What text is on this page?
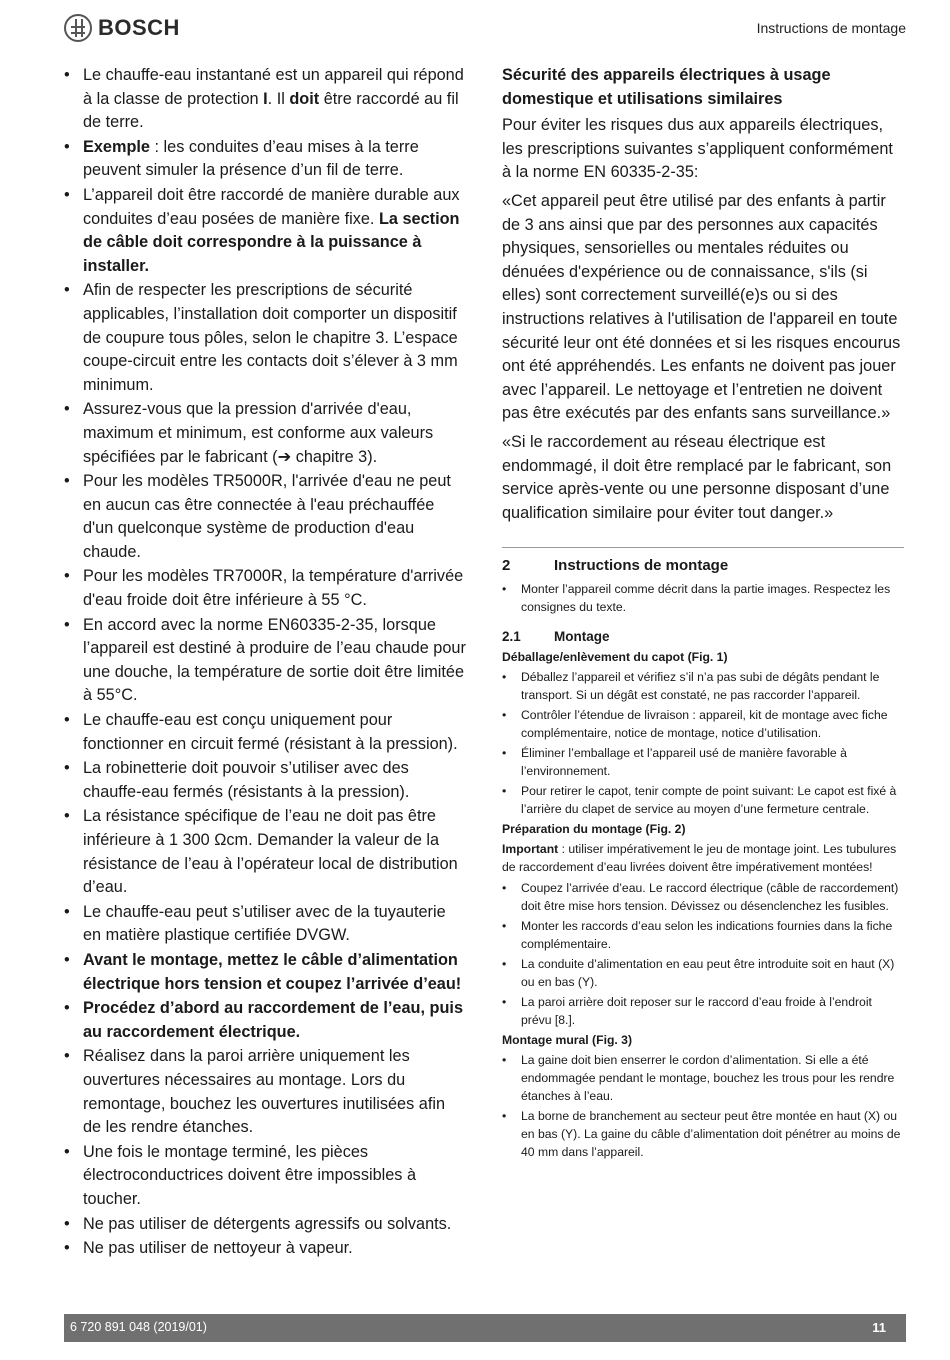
BOSCH	Instructions de montage
• Le chauffe-eau instantané est un appareil qui répond à la classe de protection I. Il doit être raccordé au fil de terre.
• Exemple : les conduites d’eau mises à la terre peuvent simuler la présence d’un fil de terre.
• L’appareil doit être raccordé de manière durable aux conduites d’eau posées de manière fixe. La section de câble doit correspondre à la puissance à installer.
• Afin de respecter les prescriptions de sécurité applicables, l’installation doit comporter un dispositif de coupure tous pôles, selon le chapitre 3. L’espace coupe-circuit entre les contacts doit s’élever à 3 mm minimum.
• Assurez-vous que la pression d'arrivée d'eau, maximum et minimum, est conforme aux valeurs spécifiées par le fabricant (➔ chapitre 3).
• Pour les modèles TR5000R, l'arrivée d'eau ne peut en aucun cas être connectée à l'eau préchauffée d'un quelconque système de production d'eau chaude.
• Pour les modèles TR7000R, la température d'arrivée d'eau froide doit être inférieure à 55 °C.
• En accord avec la norme EN60335-2-35, lorsque l’appareil est destiné à produire de l’eau chaude pour une douche, la température de sortie doit être limitée à 55°C.
• Le chauffe-eau est conçu uniquement pour fonctionner en circuit fermé (résistant à la pression).
• La robinetterie doit pouvoir s’utiliser avec des chauffe-eau fermés (résistants à la pression).
• La résistance spécifique de l’eau ne doit pas être inférieure à 1 300 Ωcm. Demander la valeur de la résistance de l’eau à l’opérateur local de distribution d’eau.
• Le chauffe-eau peut s’utiliser avec de la tuyauterie en matière plastique certifiée DVGW.
• Avant le montage, mettez le câble d’alimentation électrique hors tension et coupez l’arrivée d’eau!
• Procédez d’abord au raccordement de l’eau, puis au raccordement électrique.
• Réalisez dans la paroi arrière uniquement les ouvertures nécessaires au montage. Lors du remontage, bouchez les ouvertures inutilisées afin de les rendre étanches.
• Une fois le montage terminé, les pièces électroconductrices doivent être impossibles à toucher.
• Ne pas utiliser de détergents agressifs ou solvants.
• Ne pas utiliser de nettoyeur à vapeur.
Sécurité des appareils électriques à usage domestique et utilisations similaires

Pour éviter les risques dus aux appareils électriques, les prescriptions suivantes s’appliquent conformément à la norme EN 60335-2-35:

«Cet appareil peut être utilisé par des enfants à partir de 3 ans ainsi que par des personnes aux capacités physiques, sensorielles ou mentales réduites ou dénuées d'expérience ou de connaissance, s'ils (si elles) sont correctement surveillé(e)s ou si des instructions relatives à l'utilisation de l'appareil en toute sécurité leur ont été données et si les risques encourus ont été appréhendés. Les enfants ne doivent pas jouer avec l’appareil. Le nettoyage et l’entretien ne doivent pas être exécutés par des enfants sans surveillance.»

«Si le raccordement au réseau électrique est endommagé, il doit être remplacé par le fabricant, son service après-vente ou une personne disposant d’une qualification similaire pour éviter tout danger.»

2	Instructions de montage
• Monter l’appareil comme décrit dans la partie images. Respectez les consignes du texte.
2.1	Montage
Déballage/enlèvement du capot (Fig. 1)
• Déballez l’appareil et vérifiez s’il n’a pas subi de dégâts pendant le transport. Si un dégât est constaté, ne pas raccorder l’appareil.
• Contrôler l’étendue de livraison : appareil, kit de montage avec fiche complémentaire, notice de montage, notice d’utilisation.
• Éliminer l’emballage et l’appareil usé de manière favorable à l’environnement.
• Pour retirer le capot, tenir compte de point suivant: Le capot est fixé à l’arrière du clapet de service au moyen d’une fermeture centrale.
Préparation du montage (Fig. 2)

Important : utiliser impérativement le jeu de montage joint. Les tubulures de raccordement d’eau livrées doivent être impérativement montées!

• Coupez l’arrivée d’eau. Le raccord électrique (câble de raccordement) doit être mise hors tension. Dévissez ou désenclenchez les fusibles.
• Monter les raccords d’eau selon les indications fournies dans la fiche complémentaire.
• La conduite d’alimentation en eau peut être introduite soit en haut (X) ou en bas (Y).
• La paroi arrière doit reposer sur le raccord d’eau froide à l’endroit prévu [8.].
Montage mural (Fig. 3)
• La gaine doit bien enserrer le cordon d’alimentation. Si elle a été endommagée pendant le montage, bouchez les trous pour les rendre étanches à l’eau.
• La borne de branchement au secteur peut être montée en haut (X) ou en bas (Y). La gaine du câble d’alimentation doit pénétrer au moins de 40 mm dans l’appareil.
6 720 891 048 (2019/01)	11
